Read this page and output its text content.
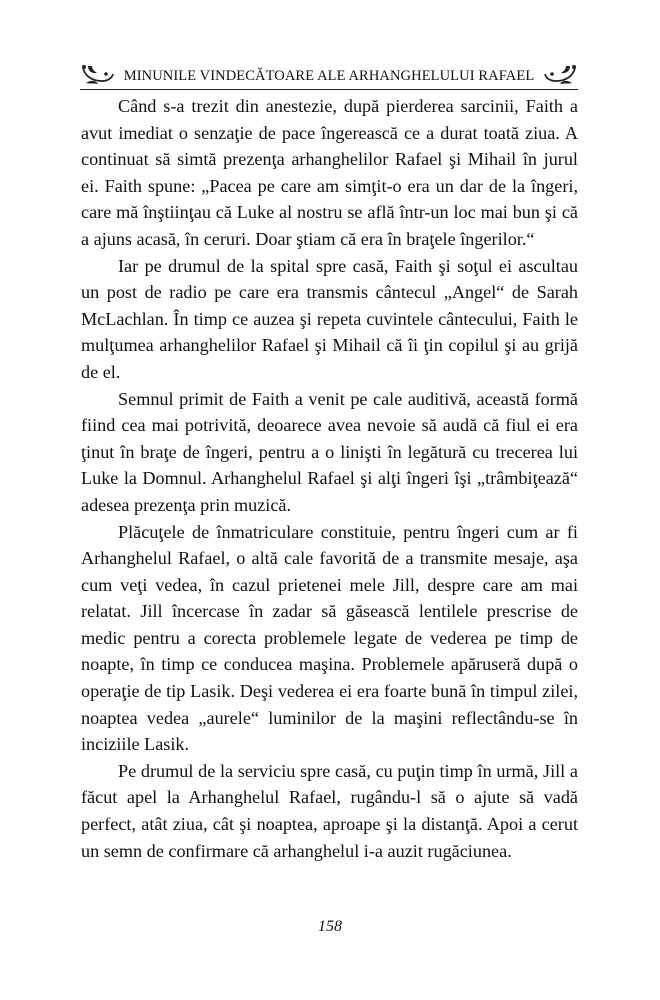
MINUNILE VINDECĂTOARE ALE ARHANGHELULUI RAFAEL

Când s-a trezit din anestezie, după pierderea sarcinii, Faith a avut imediat o senzaţie de pace îngerească ce a durat toată ziua. A continuat să simtă prezenţa arhanghelilor Rafael şi Mihail în jurul ei. Faith spune: „Pacea pe care am simţit-o era un dar de la îngeri, care mă înştiinţau că Luke al nostru se află într-un loc mai bun şi că a ajuns acasă, în ceruri. Doar ştiam că era în braţele îngerilor.“

Iar pe drumul de la spital spre casă, Faith şi soţul ei ascultau un post de radio pe care era transmis cântecul „Angel“ de Sarah McLachlan. În timp ce auzea şi repeta cuvintele cântecului, Faith le mulţumea arhanghelilor Rafael şi Mihail că îi ţin copilul şi au grijă de el.

Semnul primit de Faith a venit pe cale auditivă, această formă fiind cea mai potrivită, deoarece avea nevoie să audă că fiul ei era ţinut în braţe de îngeri, pentru a o linişti în legătură cu trecerea lui Luke la Domnul. Arhanghelul Rafael şi alţi îngeri îşi „trâmbiţează“ adesea prezenţa prin muzică.

Plăcuţele de înmatriculare constituie, pentru îngeri cum ar fi Arhanghelul Rafael, o altă cale favorită de a transmite mesaje, aşa cum veţi vedea, în cazul prietenei mele Jill, despre care am mai relatat. Jill încercase în zadar să găsească lentilele prescrise de medic pentru a corecta problemele legate de vederea pe timp de noapte, în timp ce conducea maşina. Problemele apăruseră după o operaţie de tip Lasik. Deşi vederea ei era foarte bună în timpul zilei, noaptea vedea „aurele“ luminilor de la maşini reflectându-se în inciziile Lasik.

Pe drumul de la serviciu spre casă, cu puţin timp în urmă, Jill a făcut apel la Arhanghelul Rafael, rugându-l să o ajute să vadă perfect, atât ziua, cât şi noaptea, aproape şi la distanţă. Apoi a cerut un semn de confirmare că arhanghelul i-a auzit rugăciunea.

158
